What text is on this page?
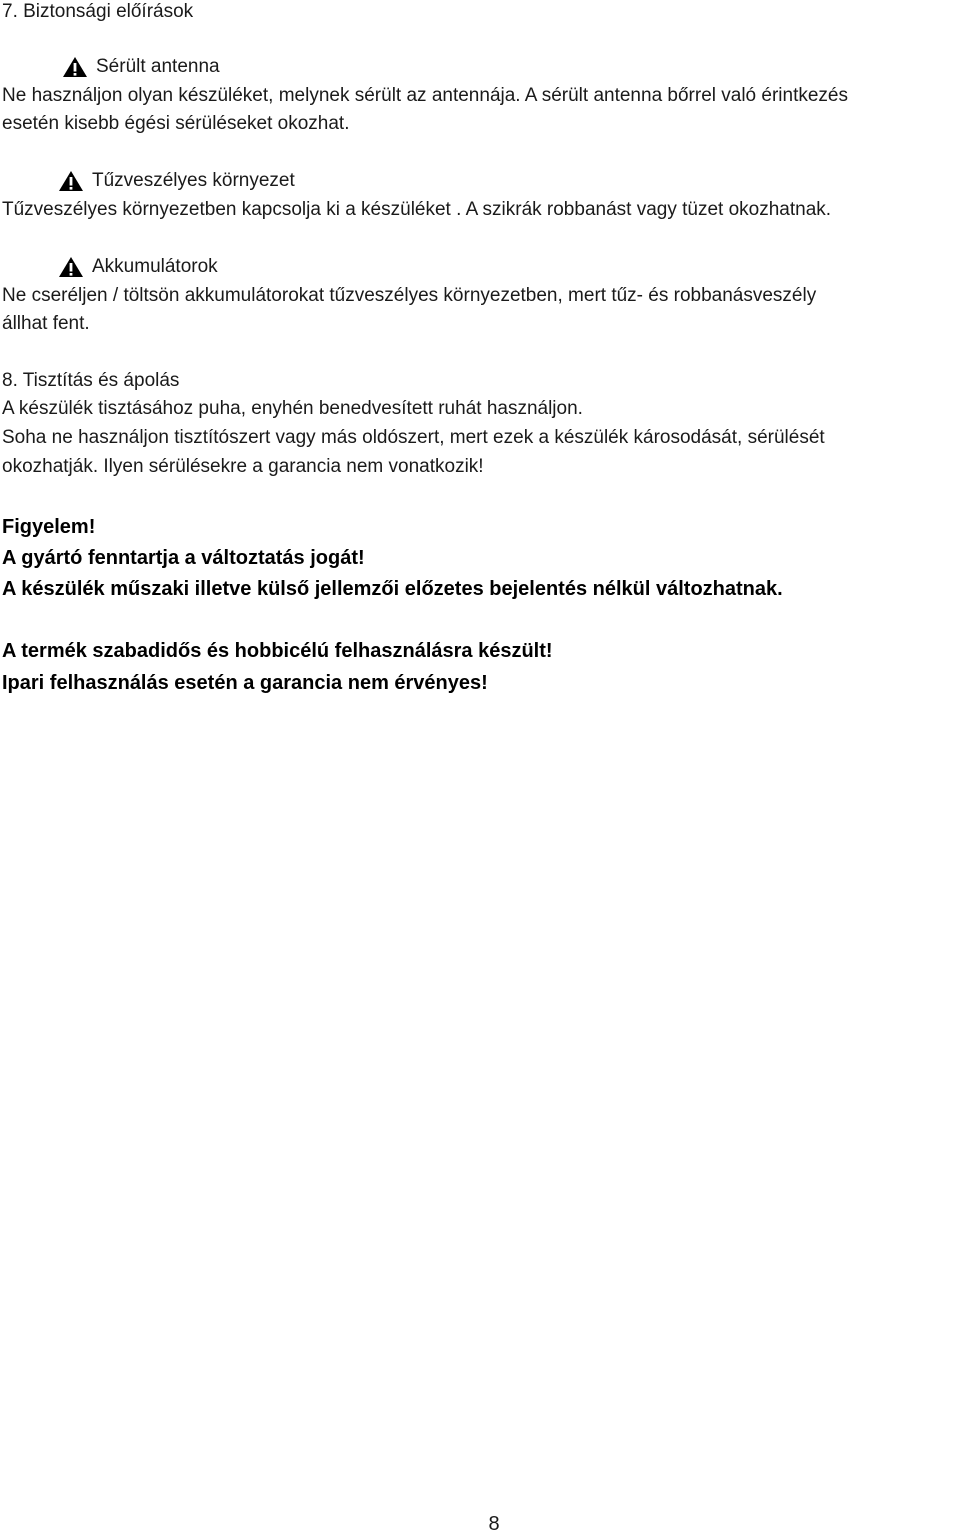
7. Biztonsági előírások
Sérült antenna
Ne használjon olyan készüléket, melynek sérült az antennája. A sérült antenna bőrrel való érintkezés
esetén kisebb égési sérüléseket okozhat.
Tűzveszélyes környezet
Tűzveszélyes környezetben kapcsolja ki a készüléket . A szikrák robbanást vagy tüzet okozhatnak.
Akkumulátorok
Ne cseréljen / töltsön akkumulátorokat tűzveszélyes környezetben, mert tűz- és robbanásveszély
állhat fent.
8. Tisztítás és ápolás
A készülék tisztásához puha, enyhén benedvesített ruhát használjon.
Soha ne használjon tisztítószert vagy más oldószert, mert ezek a készülék károsodását, sérülését
okozhatják. Ilyen sérülésekre a garancia nem vonatkozik!
Figyelem!
A gyártó fenntartja a változtatás jogát!
A készülék műszaki illetve külső jellemzői előzetes bejelentés nélkül változhatnak.
A termék szabadidős és hobbicélú felhasználásra készült!
Ipari felhasználás esetén a garancia nem érvényes!
8
